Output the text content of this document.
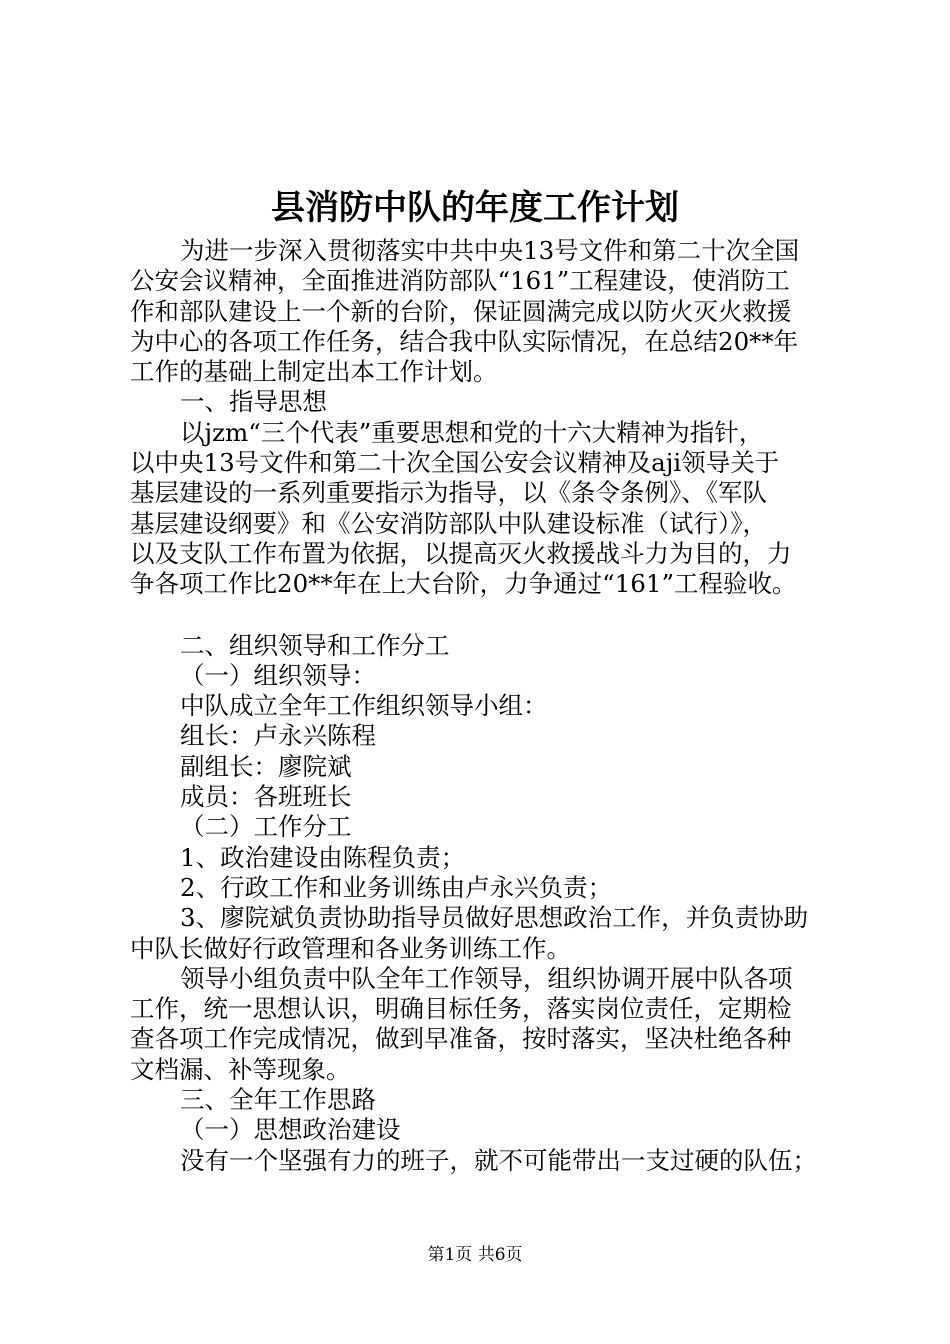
县消防中队的年度工作计划

为进一步深入贯彻落实中共中央13号文件和第二十次全国

公安会议精神，全面推进消防部队“161”工程建设，使消防工

作和部队建设上一个新的台阶，保证圆满完成以防火灭火救援

为中心的各项工作任务，结合我中队实际情况，在总结20**年

工作的基础上制定出本工作计划。

一、指导思想

以jzm“三个代表”重要思想和党的十六大精神为指针，

以中央13号文件和第二十次全国公安会议精神及aji领导关于

基层建设的一系列重要指示为指导，以《条令条例》、《军队

基层建设纲要》和《公安消防部队中队建设标准（试行）》，

以及支队工作布置为依据，以提高灭火救援战斗力为目的，力

争各项工作比20**年在上大台阶，力争通过“161”工程验收。

二、组织领导和工作分工

（一）组织领导：

中队成立全年工作组织领导小组：

组长：卢永兴陈程

副组长：廖院斌

成员：各班班长

（二）工作分工

1、政治建设由陈程负责；

2、行政工作和业务训练由卢永兴负责；

3、廖院斌负责协助指导员做好思想政治工作，并负责协助

中队长做好行政管理和各业务训练工作。

领导小组负责中队全年工作领导，组织协调开展中队各项

工作，统一思想认识，明确目标任务，落实岗位责任，定期检

查各项工作完成情况，做到早准备，按时落实，坚决杜绝各种

文档漏、补等现象。

三、全年工作思路

（一）思想政治建设

没有一个坚强有力的班子，就不可能带出一支过硬的队伍；

第1页 共6页
